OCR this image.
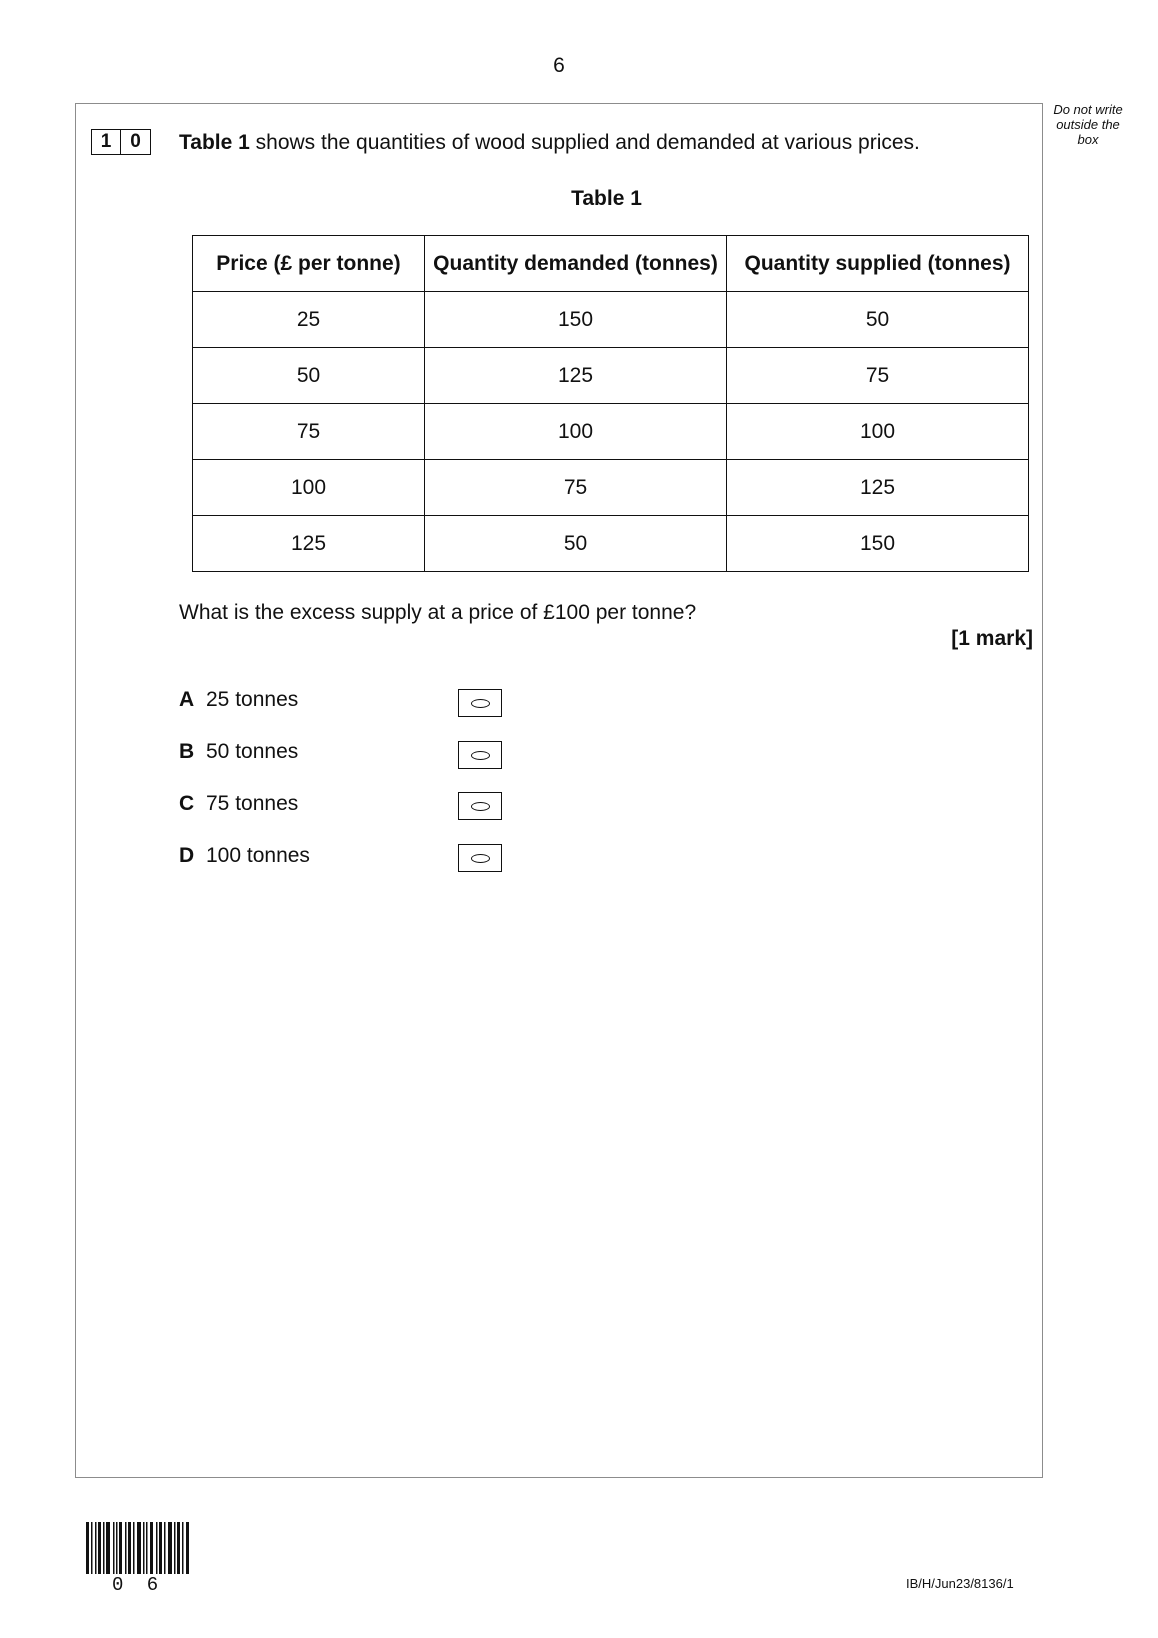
6
Do not write
outside the
box
1 0	Table 1 shows the quantities of wood supplied and demanded at various prices.
Table 1
Price (£ per tonne)	Quantity demanded (tonnes)	Quantity supplied (tonnes)
25	150	50
50	125	75
75	100	100
100	75	125
125	50	150
What is the excess supply at a price of £100 per tonne?
[1 mark]
A 25 tonnes
B 50 tonnes
C 75 tonnes
D 100 tonnes
0 6	IB/H/Jun23/8136/1
